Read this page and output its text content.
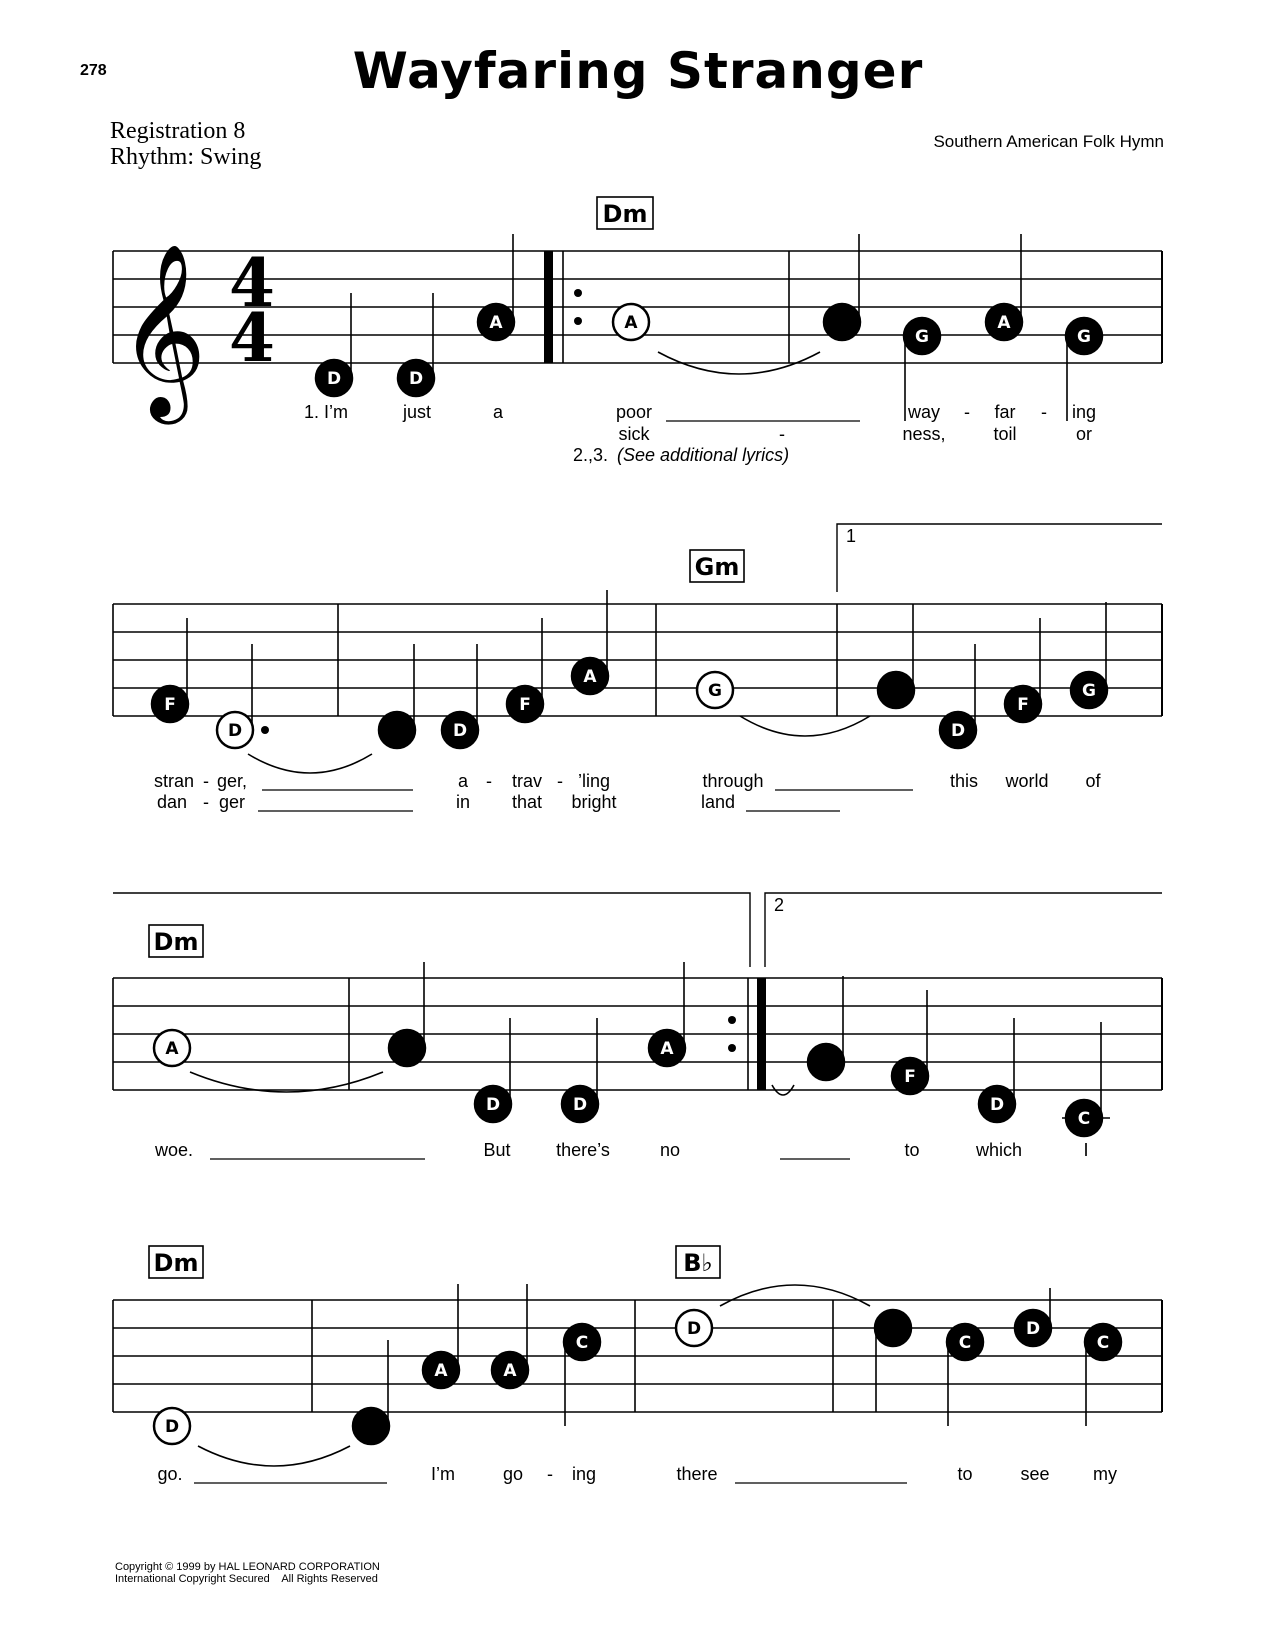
278	Wayfaring Stranger
Registration 8
Rhythm: Swing
Southern American Folk Hymn
Copyright © 1999 by HAL LEONARD CORPORATION
International Copyright Secured    All Rights Reserved
𝄞 4
4
Dm
D	D
A	A
G
A
G
1. I’m	just	a	poor	way - far - ing
sick	-	ness,	toil	or
2.,3. (See additional lyrics)
1
Gm
F
D	D
F
A
G
D
F
G
stran - ger,	a - trav - ’ling	through	this world of
dan - ger	in that bright	land
2
Dm
A
D	D
A
F
D
C
woe.	But	there’s	no	to	which	I
Dm	B♭
D
A	A
C
D
C
D
C
go.	I’m	go - ing	there	to	see my
